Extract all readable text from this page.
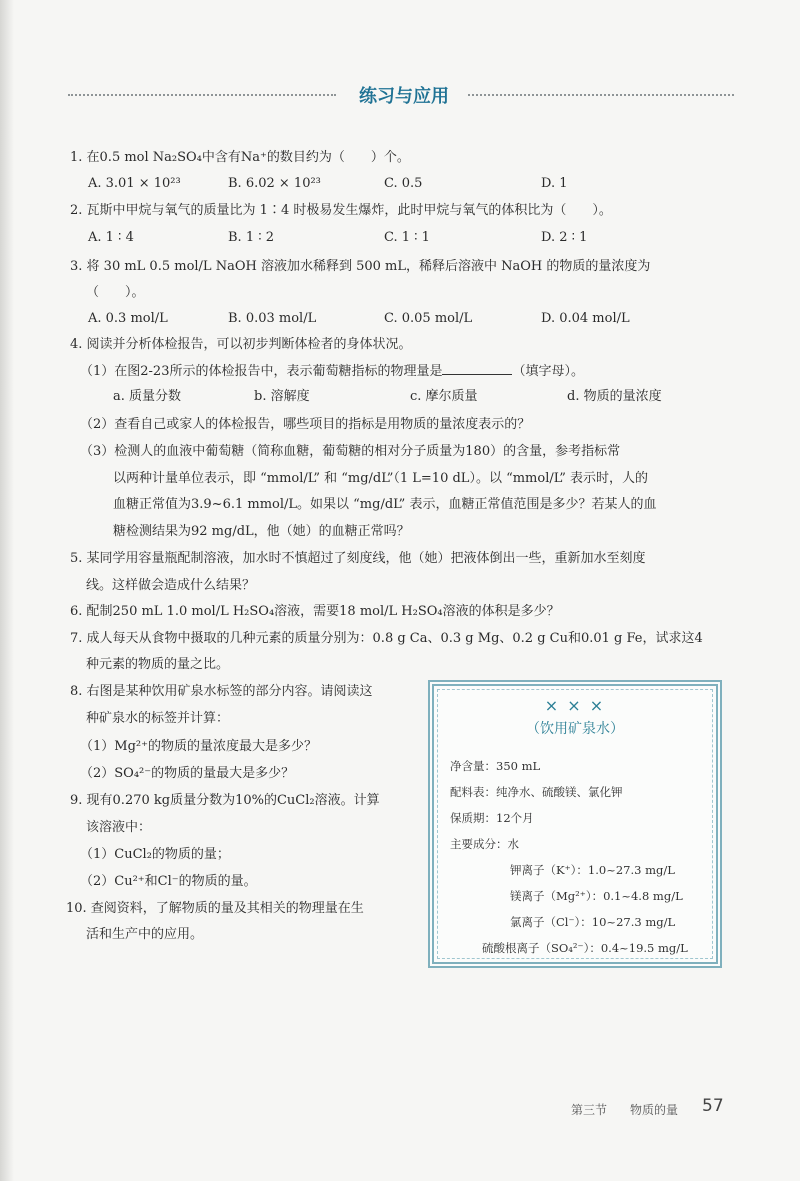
练习与应用
1. 在0.5 mol Na₂SO₄中含有Na⁺的数目约为（　　）个。
A. 3.01 × 10²³	B. 6.02 × 10²³	C. 0.5	D. 1
2. 瓦斯中甲烷与氧气的质量比为 1∶4 时极易发生爆炸，此时甲烷与氧气的体积比为（　　）。
A. 1 ∶ 4	B. 1 ∶ 2	C. 1 ∶ 1	D. 2 ∶ 1
3. 将 30 mL 0.5 mol/L NaOH 溶液加水稀释到 500 mL，稀释后溶液中 NaOH 的物质的量浓度为
（　　）。
A. 0.3 mol/L	B. 0.03 mol/L	C. 0.05 mol/L	D. 0.04 mol/L
4. 阅读并分析体检报告，可以初步判断体检者的身体状况。
（1）在图2-23所示的体检报告中，表示葡萄糖指标的物理量是	（填字母）。
a. 质量分数	b. 溶解度	c. 摩尔质量	d. 物质的量浓度
（2）查看自己或家人的体检报告，哪些项目的指标是用物质的量浓度表示的？
（3）检测人的血液中葡萄糖（简称血糖，葡萄糖的相对分子质量为180）的含量，参考指标常
以两种计量单位表示，即 “mmol/L” 和 “mg/dL”（1 L=10 dL）。以 “mmol/L” 表示时，人的
血糖正常值为3.9~6.1 mmol/L。如果以 “mg/dL” 表示，血糖正常值范围是多少？若某人的血
糖检测结果为92 mg/dL，他（她）的血糖正常吗？
5. 某同学用容量瓶配制溶液，加水时不慎超过了刻度线，他（她）把液体倒出一些，重新加水至刻度
线。这样做会造成什么结果？
6. 配制250 mL 1.0 mol/L H₂SO₄溶液，需要18 mol/L H₂SO₄溶液的体积是多少？
7. 成人每天从食物中摄取的几种元素的质量分别为：0.8 g Ca、0.3 g Mg、0.2 g Cu和0.01 g Fe，试求这4
种元素的物质的量之比。
8. 右图是某种饮用矿泉水标签的部分内容。请阅读这
种矿泉水的标签并计算：
（1）Mg²⁺的物质的量浓度最大是多少？
（2）SO₄²⁻的物质的量最大是多少？
9. 现有0.270 kg质量分数为10%的CuCl₂溶液。计算
该溶液中：
（1）CuCl₂的物质的量；
（2）Cu²⁺和Cl⁻的物质的量。
10. 查阅资料，了解物质的量及其相关的物理量在生
活和生产中的应用。
× × ×
（饮用矿泉水）
净含量：350 mL
配料表：纯净水、硫酸镁、氯化钾
保质期：12个月
主要成分：水
钾离子（K⁺）：1.0~27.3 mg/L
镁离子（Mg²⁺）：0.1~4.8 mg/L
氯离子（Cl⁻）：10~27.3 mg/L
硫酸根离子（SO₄²⁻）：0.4~19.5 mg/L
第三节 物质的量 57
